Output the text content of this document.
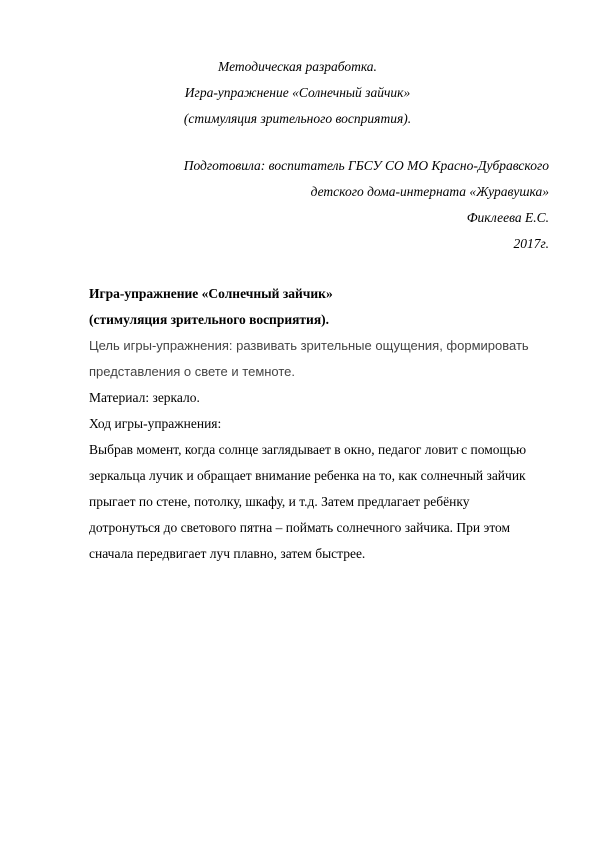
Методическая разработка.
Игра-упражнение «Солнечный зайчик»
(стимуляция зрительного восприятия).
Подготовила: воспитатель ГБСУ СО МО Красно-Дубравского
детского дома-интерната «Журавушка»
Фиклеева Е.С.
2017г.
Игра-упражнение «Солнечный зайчик»
(стимуляция зрительного восприятия).
Цель игры-упражнения: развивать зрительные ощущения, формировать
представления о свете и темноте.
Материал: зеркало.
Ход игры-упражнения:
Выбрав момент, когда солнце заглядывает в окно, педагог ловит с помощью
зеркальца лучик и обращает внимание ребенка на то, как солнечный зайчик
прыгает по стене, потолку, шкафу, и т.д. Затем предлагает ребёнку
дотронуться до светового пятна – поймать солнечного зайчика. При этом
сначала передвигает луч плавно, затем быстрее.
